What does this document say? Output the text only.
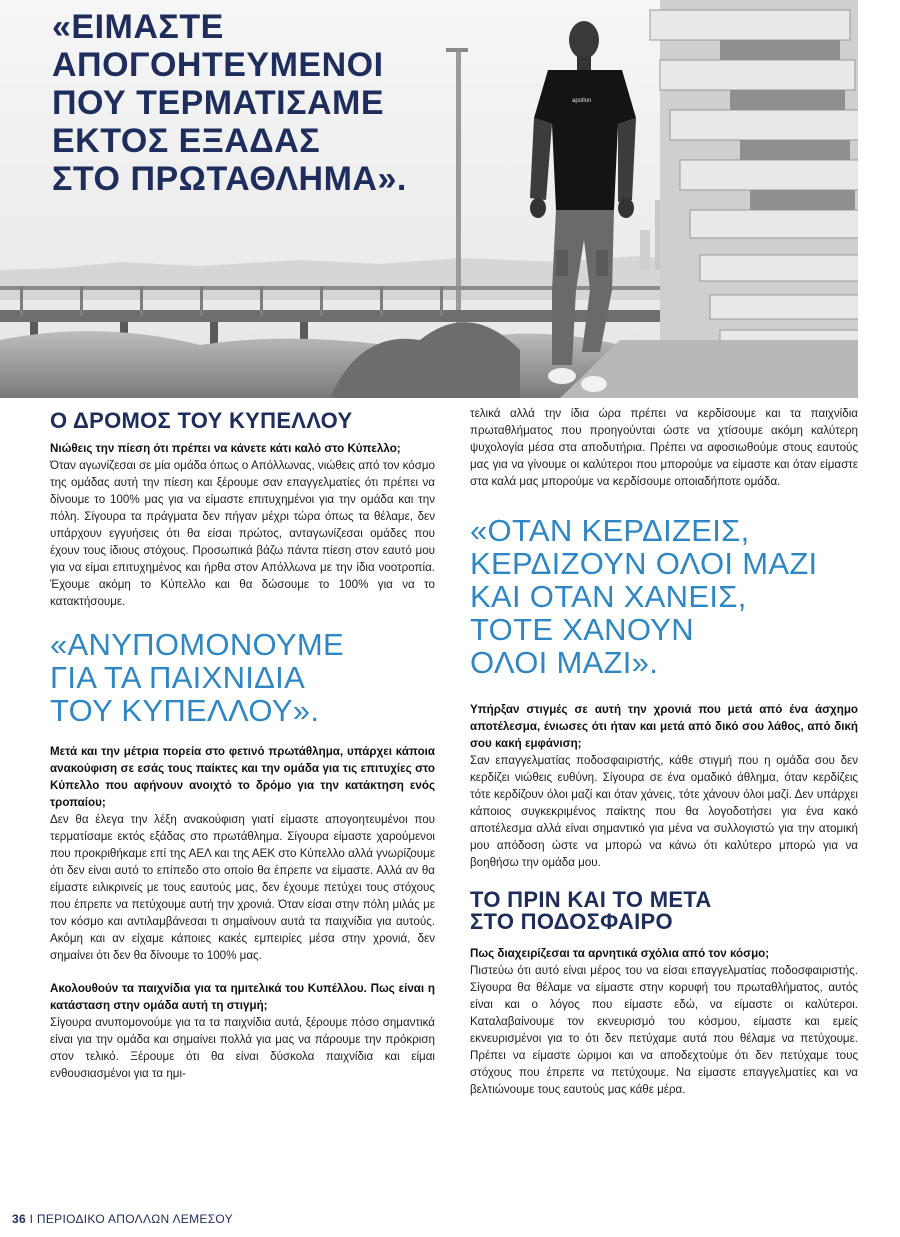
apollon

«ΕΙΜΑΣΤΕ
ΑΠΟΓΟΗΤΕΥΜΕΝΟΙ
ΠΟΥ ΤΕΡΜΑΤΙΣΑΜΕ
ΕΚΤΟΣ ΕΞΑΔΑΣ
ΣΤΟ ΠΡΩΤΑΘΛΗΜΑ».

Ο ΔΡΟΜΟΣ ΤΟΥ ΚΥΠΕΛΛΟΥ

Νιώθεις την πίεση ότι πρέπει να κάνετε κάτι καλό στο Κύπελλο;

Όταν αγωνίζεσαι σε μία ομάδα όπως ο Απόλλωνας, νιώθεις από τον κόσμο της ομάδας αυτή την πίεση και ξέρουμε σαν επαγγελματίες ότι πρέπει να δίνουμε το 100% μας για να είμαστε επιτυχημένοι για την ομάδα και την πόλη. Σίγουρα τα πράγματα δεν πήγαν μέχρι τώρα όπως τα θέλαμε, δεν υπάρχουν εγγυήσεις ότι θα είσαι πρώτος, ανταγωνίζεσαι ομάδες που έχουν τους ίδιους στόχους. Προσωπικά βάζω πάντα πίεση στον εαυτό μου για να είμαι επιτυχημένος και ήρθα στον Απόλλωνα με την ίδια νοοτροπία. Έχουμε ακόμη το Κύπελλο και θα δώσουμε το 100% για να το κατακτήσουμε.

«ΑΝΥΠΟΜΟΝΟΥΜΕ
ΓΙΑ ΤΑ ΠΑΙΧΝΙΔΙΑ
ΤΟΥ ΚΥΠΕΛΛΟΥ».

Μετά και την μέτρια πορεία στο φετινό πρωτάθλημα, υπάρχει κάποια ανακούφιση σε εσάς τους παίκτες και την ομάδα για τις επιτυχίες στο Κύπελλο που αφήνουν ανοιχτό το δρόμο για την κατάκτηση ενός τροπαίου;

Δεν θα έλεγα την λέξη ανακούφιση γιατί είμαστε απογοητευμένοι που τερματίσαμε εκτός εξάδας στο πρωτάθλημα. Σίγουρα είμαστε χαρούμενοι που προκριθήκαμε επί της ΑΕΛ και της ΑΕΚ στο Κύπελλο αλλά γνωρίζουμε ότι δεν είναι αυτό το επίπεδο στο οποίο θα έπρεπε να είμαστε. Αλλά αν θα είμαστε ειλικρινείς με τους εαυτούς μας, δεν έχουμε πετύχει τους στόχους που έπρεπε να πετύχουμε αυτή την χρονιά. Όταν είσαι στην πόλη μιλάς με τον κόσμο και αντιλαμβάνεσαι τι σημαίνουν αυτά τα παιχνίδια για αυτούς. Ακόμη και αν είχαμε κάποιες κακές εμπειρίες μέσα στην χρονιά, δεν σημαίνει ότι δεν θα δίνουμε το 100% μας.

Ακολουθούν τα παιχνίδια για τα ημιτελικά του Κυπέλλου. Πως είναι η κατάσταση στην ομάδα αυτή τη στιγμή;

Σίγουρα ανυπομονούμε για τα τα παιχνίδια αυτά, ξέρουμε πόσο σημαντικά είναι για την ομάδα και σημαίνει πολλά για μας να πάρουμε την πρόκριση στον τελικό. Ξέρουμε ότι θα είναι δύσκολα παιχνίδια και είμαι ενθουσιασμένοι για τα ημι-

τελικά αλλά την ίδια ώρα πρέπει να κερδίσουμε και τα παιχνίδια πρωταθλήματος που προηγούνται ώστε να χτίσουμε ακόμη καλύτερη ψυχολογία μέσα στα αποδυτήρια. Πρέπει να αφοσιωθούμε στους εαυτούς μας για να γίνουμε οι καλύτεροι που μπορούμε να είμαστε και όταν είμαστε στα καλά μας μπορούμε να κερδίσουμε οποιαδήποτε ομάδα.

«ΟΤΑΝ ΚΕΡΔΙΖΕΙΣ,
ΚΕΡΔΙΖΟΥΝ ΟΛΟΙ ΜΑΖΙ
ΚΑΙ ΟΤΑΝ ΧΑΝΕΙΣ,
ΤΟΤΕ ΧΑΝΟΥΝ
ΟΛΟΙ ΜΑΖΙ».

Υπήρξαν στιγμές σε αυτή την χρονιά που μετά από ένα άσχημο αποτέλεσμα, ένιωσες ότι ήταν και μετά από δικό σου λάθος, από δική σου κακή εμφάνιση;

Σαν επαγγελματίας ποδοσφαιριστής, κάθε στιγμή που η ομάδα σου δεν κερδίζει νιώθεις ευθύνη. Σίγουρα σε ένα ομαδικό άθλημα, όταν κερδίζεις τότε κερδίζουν όλοι μαζί και όταν χάνεις, τότε χάνουν όλοι μαζί. Δεν υπάρχει κάποιος συγκεκριμένος παίκτης που θα λογοδοτήσει για ένα κακό αποτέλεσμα αλλά είναι σημαντικό για μένα να συλλογιστώ για την ατομική μου απόδοση ώστε να μπορώ να κάνω ότι καλύτερο μπορώ για να βοηθήσω την ομάδα μου.

ΤΟ ΠΡΙΝ ΚΑΙ ΤΟ ΜΕΤΑ
ΣΤΟ ΠΟΔΟΣΦΑΙΡΟ

Πως διαχειρίζεσαι τα αρνητικά σχόλια από τον κόσμο;

Πιστεύω ότι αυτό είναι μέρος του να είσαι επαγγελματίας ποδοσφαιριστής. Σίγουρα θα θέλαμε να είμαστε στην κορυφή του πρωταθλήματος, αυτός είναι και ο λόγος που είμαστε εδώ, να είμαστε οι καλύτεροι. Καταλαβαίνουμε τον εκνευρισμό του κόσμου, είμαστε και εμείς εκνευρισμένοι για το ότι δεν πετύχαμε αυτά που θέλαμε να πετύχουμε. Πρέπει να είμαστε ώριμοι και να αποδεχτούμε ότι δεν πετύχαμε τους στόχους που έπρεπε να πετύχουμε. Να είμαστε επαγγελματίες και να βελτιώνουμε τους εαυτούς μας κάθε μέρα.

36 I ΠΕΡΙΟΔΙΚΟ ΑΠΟΛΛΩΝ ΛΕΜΕΣΟΥ
